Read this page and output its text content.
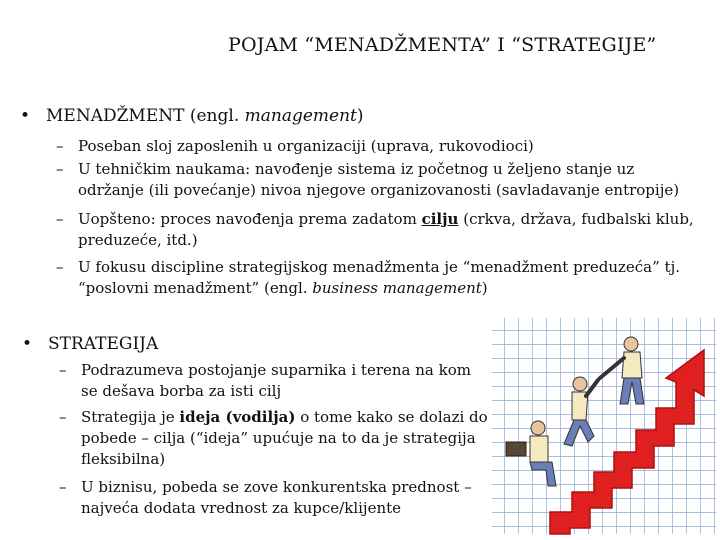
POJAM “MENADŽMENTA” I “STRATEGIJE”
• MENADŽMENT (engl. management)
– Poseban sloj zaposlenih u organizaciji (uprava, rukovodioci)
– U tehničkim naukama: navođenje sistema iz početnog u željeno stanje uz
održanje (ili povećanje) nivoa njegove organizovanosti (savladavanje entropije)
– Uopšteno: proces navođenja prema zadatom cilju (crkva, država, fudbalski klub,
preduzeće, itd.)
– U fokusu discipline strategijskog menadžmenta je “menadžment preduzeća” tj.
“poslovni menadžment” (engl. business management)
• STRATEGIJA
– Podrazumeva postojanje suparnika i terena na kom
se dešava borba za isti cilj
– Strategija je ideja (vodilja) o tome kako se dolazi do
pobede – cilja (“ideja” upućuje na to da je strategija
fleksibilna)
– U biznisu, pobeda se zove konkurentska prednost –
najveća dodata vrednost za kupce/klijente
